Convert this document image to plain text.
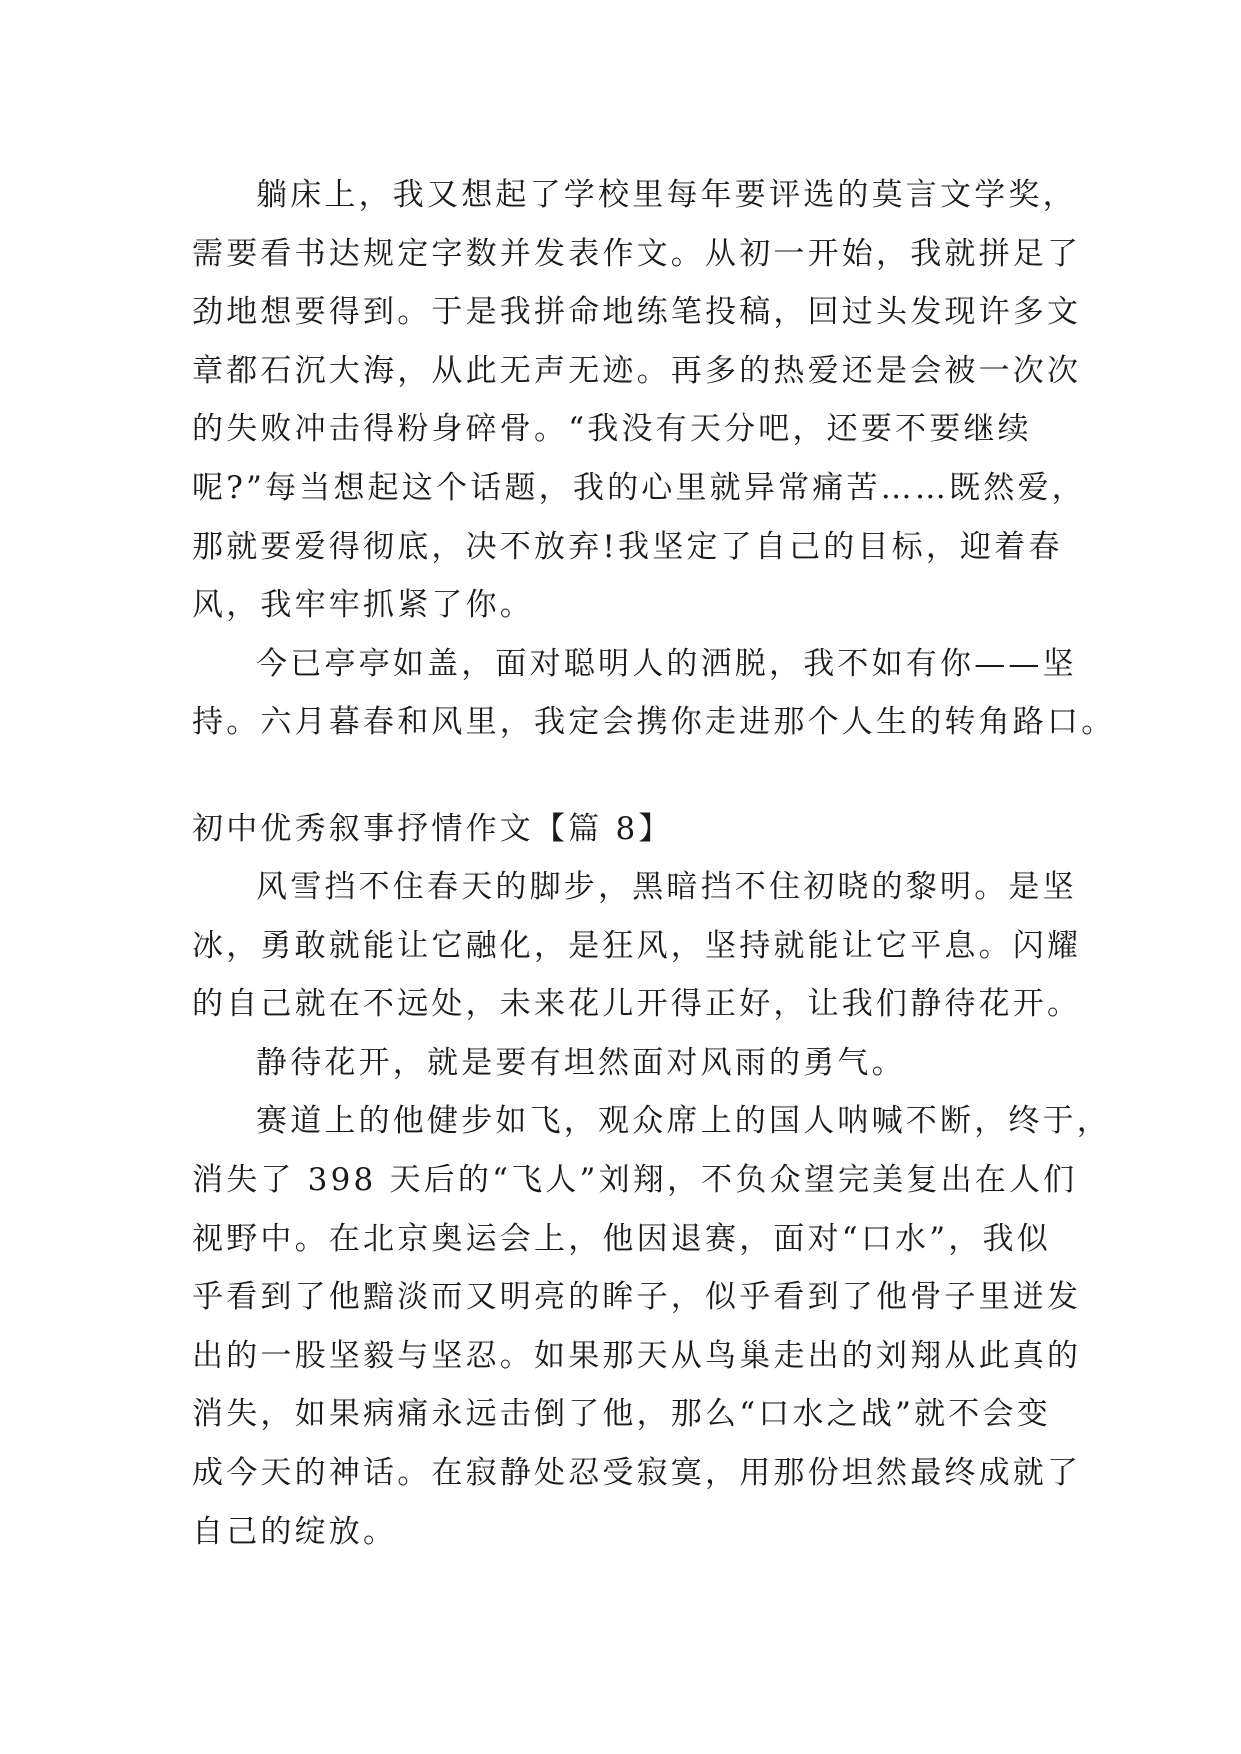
躺床上，我又想起了学校里每年要评选的莫言文学奖，
需要看书达规定字数并发表作文。从初一开始，我就拼足了
劲地想要得到。于是我拼命地练笔投稿，回过头发现许多文
章都石沉大海，从此无声无迹。再多的热爱还是会被一次次
的失败冲击得粉身碎骨。“我没有天分吧，还要不要继续
呢?”每当想起这个话题，我的心里就异常痛苦……既然爱，
那就要爱得彻底，决不放弃!我坚定了自己的目标，迎着春
风，我牢牢抓紧了你。
今已亭亭如盖，面对聪明人的洒脱，我不如有你——坚
持。六月暮春和风里，我定会携你走进那个人生的转角路口。
初中优秀叙事抒情作文【篇 8】
风雪挡不住春天的脚步，黑暗挡不住初晓的黎明。是坚
冰，勇敢就能让它融化，是狂风，坚持就能让它平息。闪耀
的自己就在不远处，未来花儿开得正好，让我们静待花开。
静待花开，就是要有坦然面对风雨的勇气。
赛道上的他健步如飞，观众席上的国人呐喊不断，终于，
消失了 398 天后的“飞人”刘翔，不负众望完美复出在人们
视野中。在北京奥运会上，他因退赛，面对“口水”，我似
乎看到了他黯淡而又明亮的眸子，似乎看到了他骨子里迸发
出的一股坚毅与坚忍。如果那天从鸟巢走出的刘翔从此真的
消失，如果病痛永远击倒了他，那么“口水之战”就不会变
成今天的神话。在寂静处忍受寂寞，用那份坦然最终成就了
自己的绽放。
